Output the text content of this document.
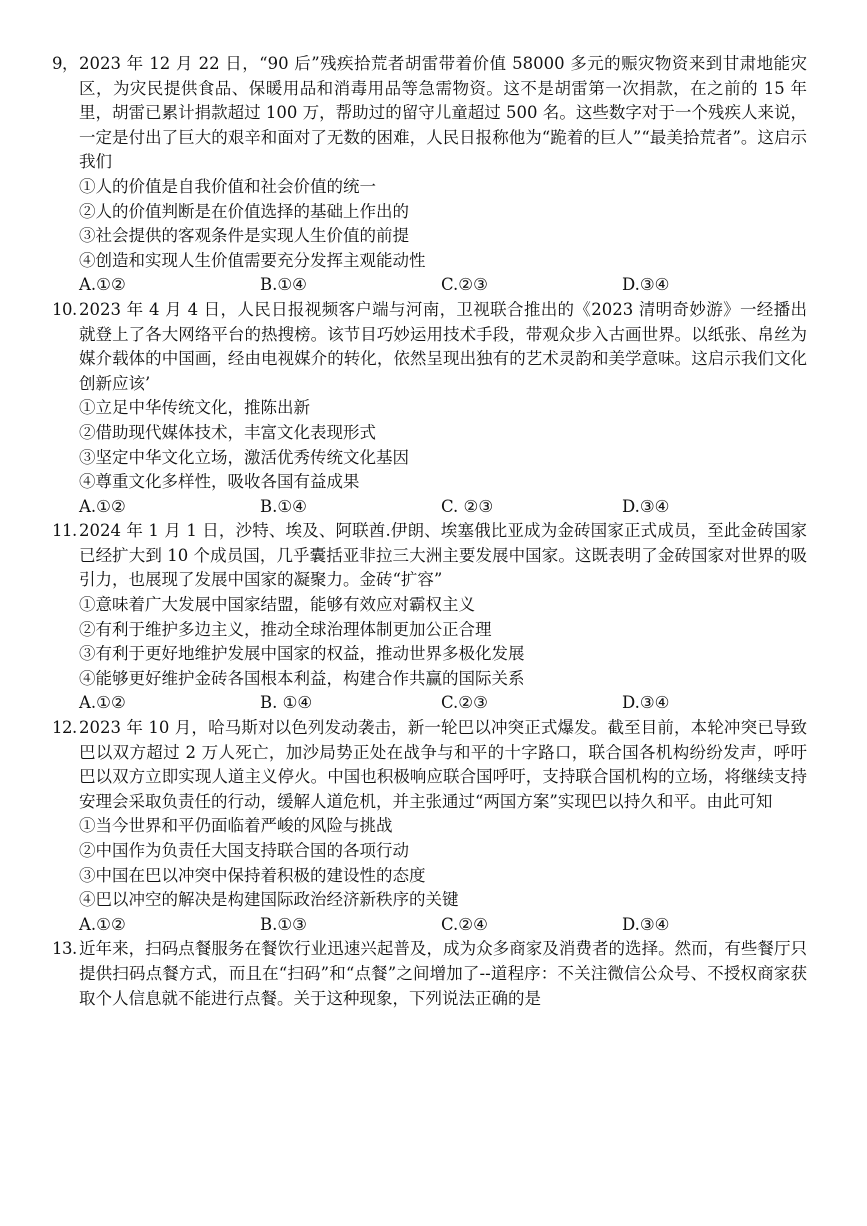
9， 2023 年 12 月 22 日，“90 后”残疾拾荒者胡雷带着价值 58000 多元的赈灾物资来到甘肃地能灾区，为灾民提供食品、保暖用品和消毒用品等急需物资。这不是胡雷第一次捐款，在之前的 15 年里，胡雷已累计捐款超过 100 万，帮助过的留守儿童超过 500 名。这些数字对于一个残疾人来说，一定是付出了巨大的艰辛和面对了无数的困难，人民日报称他为“跪着的巨人”“最美拾荒者”。这启示我们
①人的价值是自我价值和社会价值的统一
②人的价值判断是在价值选择的基础上作出的
③社会提供的客观条件是实现人生价值的前提
④创造和实现人生价值需要充分发挥主观能动性
A.①②	B.①④	C.②③	D.③④
10. 2023 年 4 月 4 日，人民日报视频客户端与河南，卫视联合推出的《2023 清明奇妙游》一经播出就登上了各大网络平台的热搜榜。该节目巧妙运用技术手段，带观众步入古画世界。以纸张、帛丝为媒介载体的中国画，经由电视媒介的转化，依然呈现出独有的艺术灵韵和美学意味。这启示我们文化创新应该’
①立足中华传统文化，推陈出新
②借助现代媒体技术，丰富文化表现形式
③坚定中华文化立场，激活优秀传统文化基因
④尊重文化多样性，吸收各国有益成果
A.①②	B.①④	C. ②③	D.③④
11. 2024 年 1 月 1 日，沙特、埃及、阿联酋.伊朗、埃塞俄比亚成为金砖国家正式成员，至此金砖国家已经扩大到 10 个成员国，几乎囊括亚非拉三大洲主要发展中国家。这既表明了金砖国家对世界的吸引力，也展现了发展中国家的凝聚力。金砖“扩容”
①意味着广大发展中国家结盟，能够有效应对霸权主义
②有利于维护多边主义，推动全球治理体制更加公正合理
③有利于更好地维护发展中国家的权益，推动世界多极化发展
④能够更好维护金砖各国根本利益，构建合作共赢的国际关系
A.①②	B. ①④	C.②③	D.③④
12. 2023 年 10 月，哈马斯对以色列发动袭击，新一轮巴以冲突正式爆发。截至目前，本轮冲突已导致巴以双方超过 2 万人死亡，加沙局势正处在战争与和平的十字路口，联合国各机构纷纷发声，呼吁巴以双方立即实现人道主义停火。中国也积极响应联合国呼吁，支持联合国机构的立场，将继续支持安理会采取负责任的行动，缓解人道危机，并主张通过“两国方案”实现巴以持久和平。由此可知
①当今世界和平仍面临着严峻的风险与挑战
②中国作为负责任大国支持联合国的各项行动
③中国在巴以冲突中保持着积极的建设性的态度
④巴以冲空的解决是构建国际政治经济新秩序的关键
A.①②	B.①③	C.②④	D.③④
13. 近年来，扫码点餐服务在餐饮行业迅速兴起普及，成为众多商家及消费者的选择。然而，有些餐厅只提供扫码点餐方式，而且在“扫码”和“点餐”之间增加了--道程序：不关注微信公众号、不授权商家获取个人信息就不能进行点餐。关于这种现象，下列说法正确的是
